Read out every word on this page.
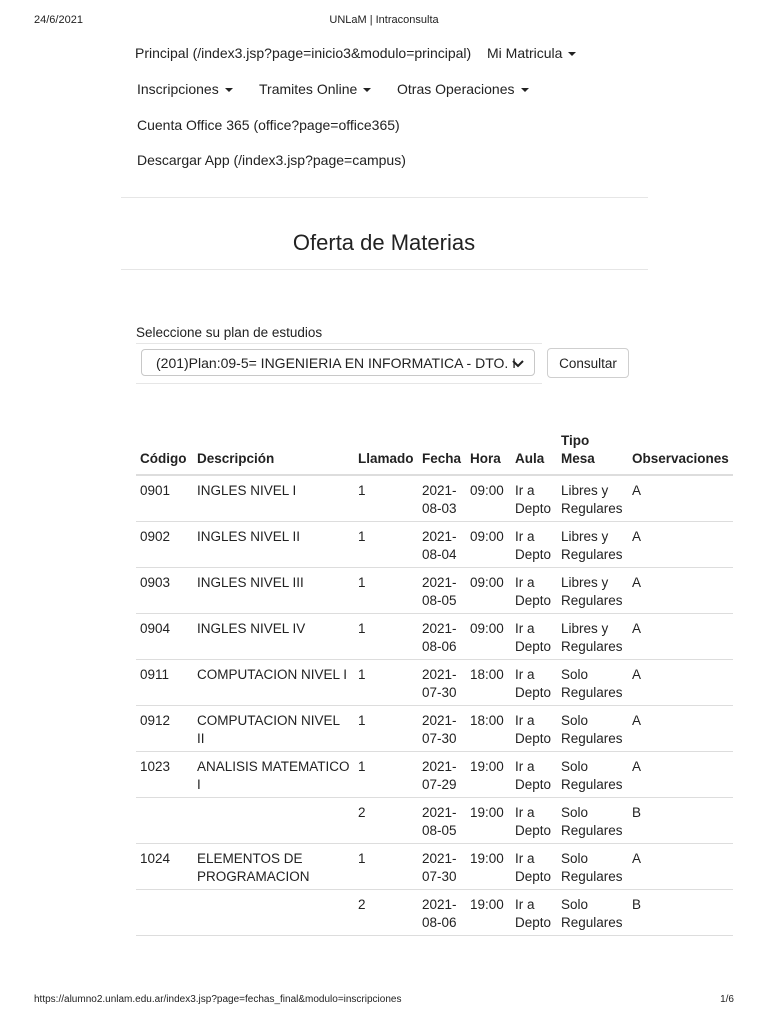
24/6/2021	UNLaM | Intraconsulta
Principal (/index3.jsp?page=inicio3&modulo=principal) Mi Matricula
Inscripciones	Tramites Online	Otras Operaciones
Cuenta Office 365 (office?page=office365)
Descargar App (/index3.jsp?page=campus)
Oferta de Materias
Seleccione su plan de estudios
(201)Plan:09-5= INGENIERIA EN INFORMATICA - DTO. I	Consultar
Código	Descripción	Llamado	Fecha	Hora	Aula	Tipo Mesa	Observaciones
0901	INGLES NIVEL I	1	2021-08-03	09:00	Ir a Depto	Libres y Regulares	A
0902	INGLES NIVEL II	1	2021-08-04	09:00	Ir a Depto	Libres y Regulares	A
0903	INGLES NIVEL III	1	2021-08-05	09:00	Ir a Depto	Libres y Regulares	A
0904	INGLES NIVEL IV	1	2021-08-06	09:00	Ir a Depto	Libres y Regulares	A
0911	COMPUTACION NIVEL I	1	2021-07-30	18:00	Ir a Depto	Solo Regulares	A
0912	COMPUTACION NIVEL II	1	2021-07-30	18:00	Ir a Depto	Solo Regulares	A
1023	ANALISIS MATEMATICO I	1	2021-07-29	19:00	Ir a Depto	Solo Regulares	A
		2	2021-08-05	19:00	Ir a Depto	Solo Regulares	B
1024	ELEMENTOS DE PROGRAMACION	1	2021-07-30	19:00	Ir a Depto	Solo Regulares	A
		2	2021-08-06	19:00	Ir a Depto	Solo Regulares	B
https://alumno2.unlam.edu.ar/index3.jsp?page=fechas_final&modulo=inscripciones	1/6
